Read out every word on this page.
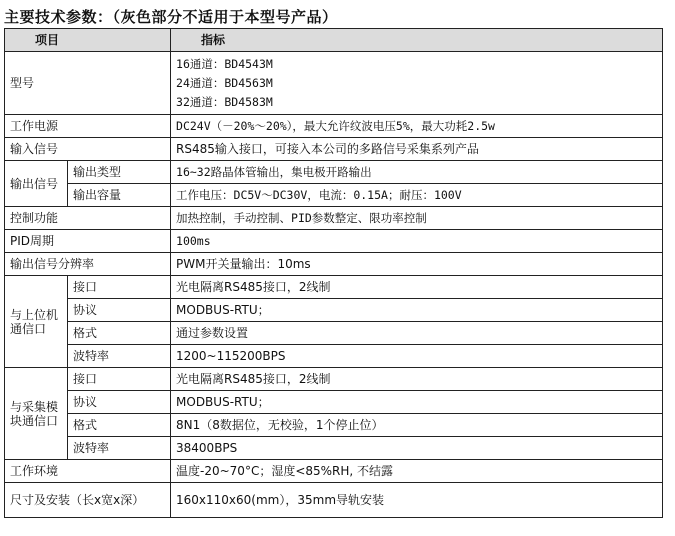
主要技术参数：（灰色部分不适用于本型号产品）
项目		指标
型号		16通道：BD4543M
24通道：BD4563M
32通道：BD4583M

工作电源		DC24V（－20%～20%），最大允许纹波电压5%，最大功耗2.5w
输入信号		RS485输入接口，可接入本公司的多路信号采集系列产品
输出信号	输出类型	16~32路晶体管输出，集电极开路输出
	输出容量	工作电压：DC5V～DC30V，电流：0.15A；耐压：100V
控制功能		加热控制，手动控制、PID参数整定、限功率控制
PID周期		100ms
输出信号分辨率		PWM开关量输出：10ms
与上位机通信口	接口	光电隔离RS485接口，2线制
	协议	MODBUS-RTU；
	格式	通过参数设置
	波特率	1200~115200BPS
与采集模块通信口	接口	光电隔离RS485接口，2线制
	协议	MODBUS-RTU；
	格式	8N1（8数据位，无校验，1个停止位）
	波特率	38400BPS
工作环境		温度-20~70°C；湿度<85%RH, 不结露
尺寸及安装（长x宽x深）		160x110x60(mm），35mm导轨安装
